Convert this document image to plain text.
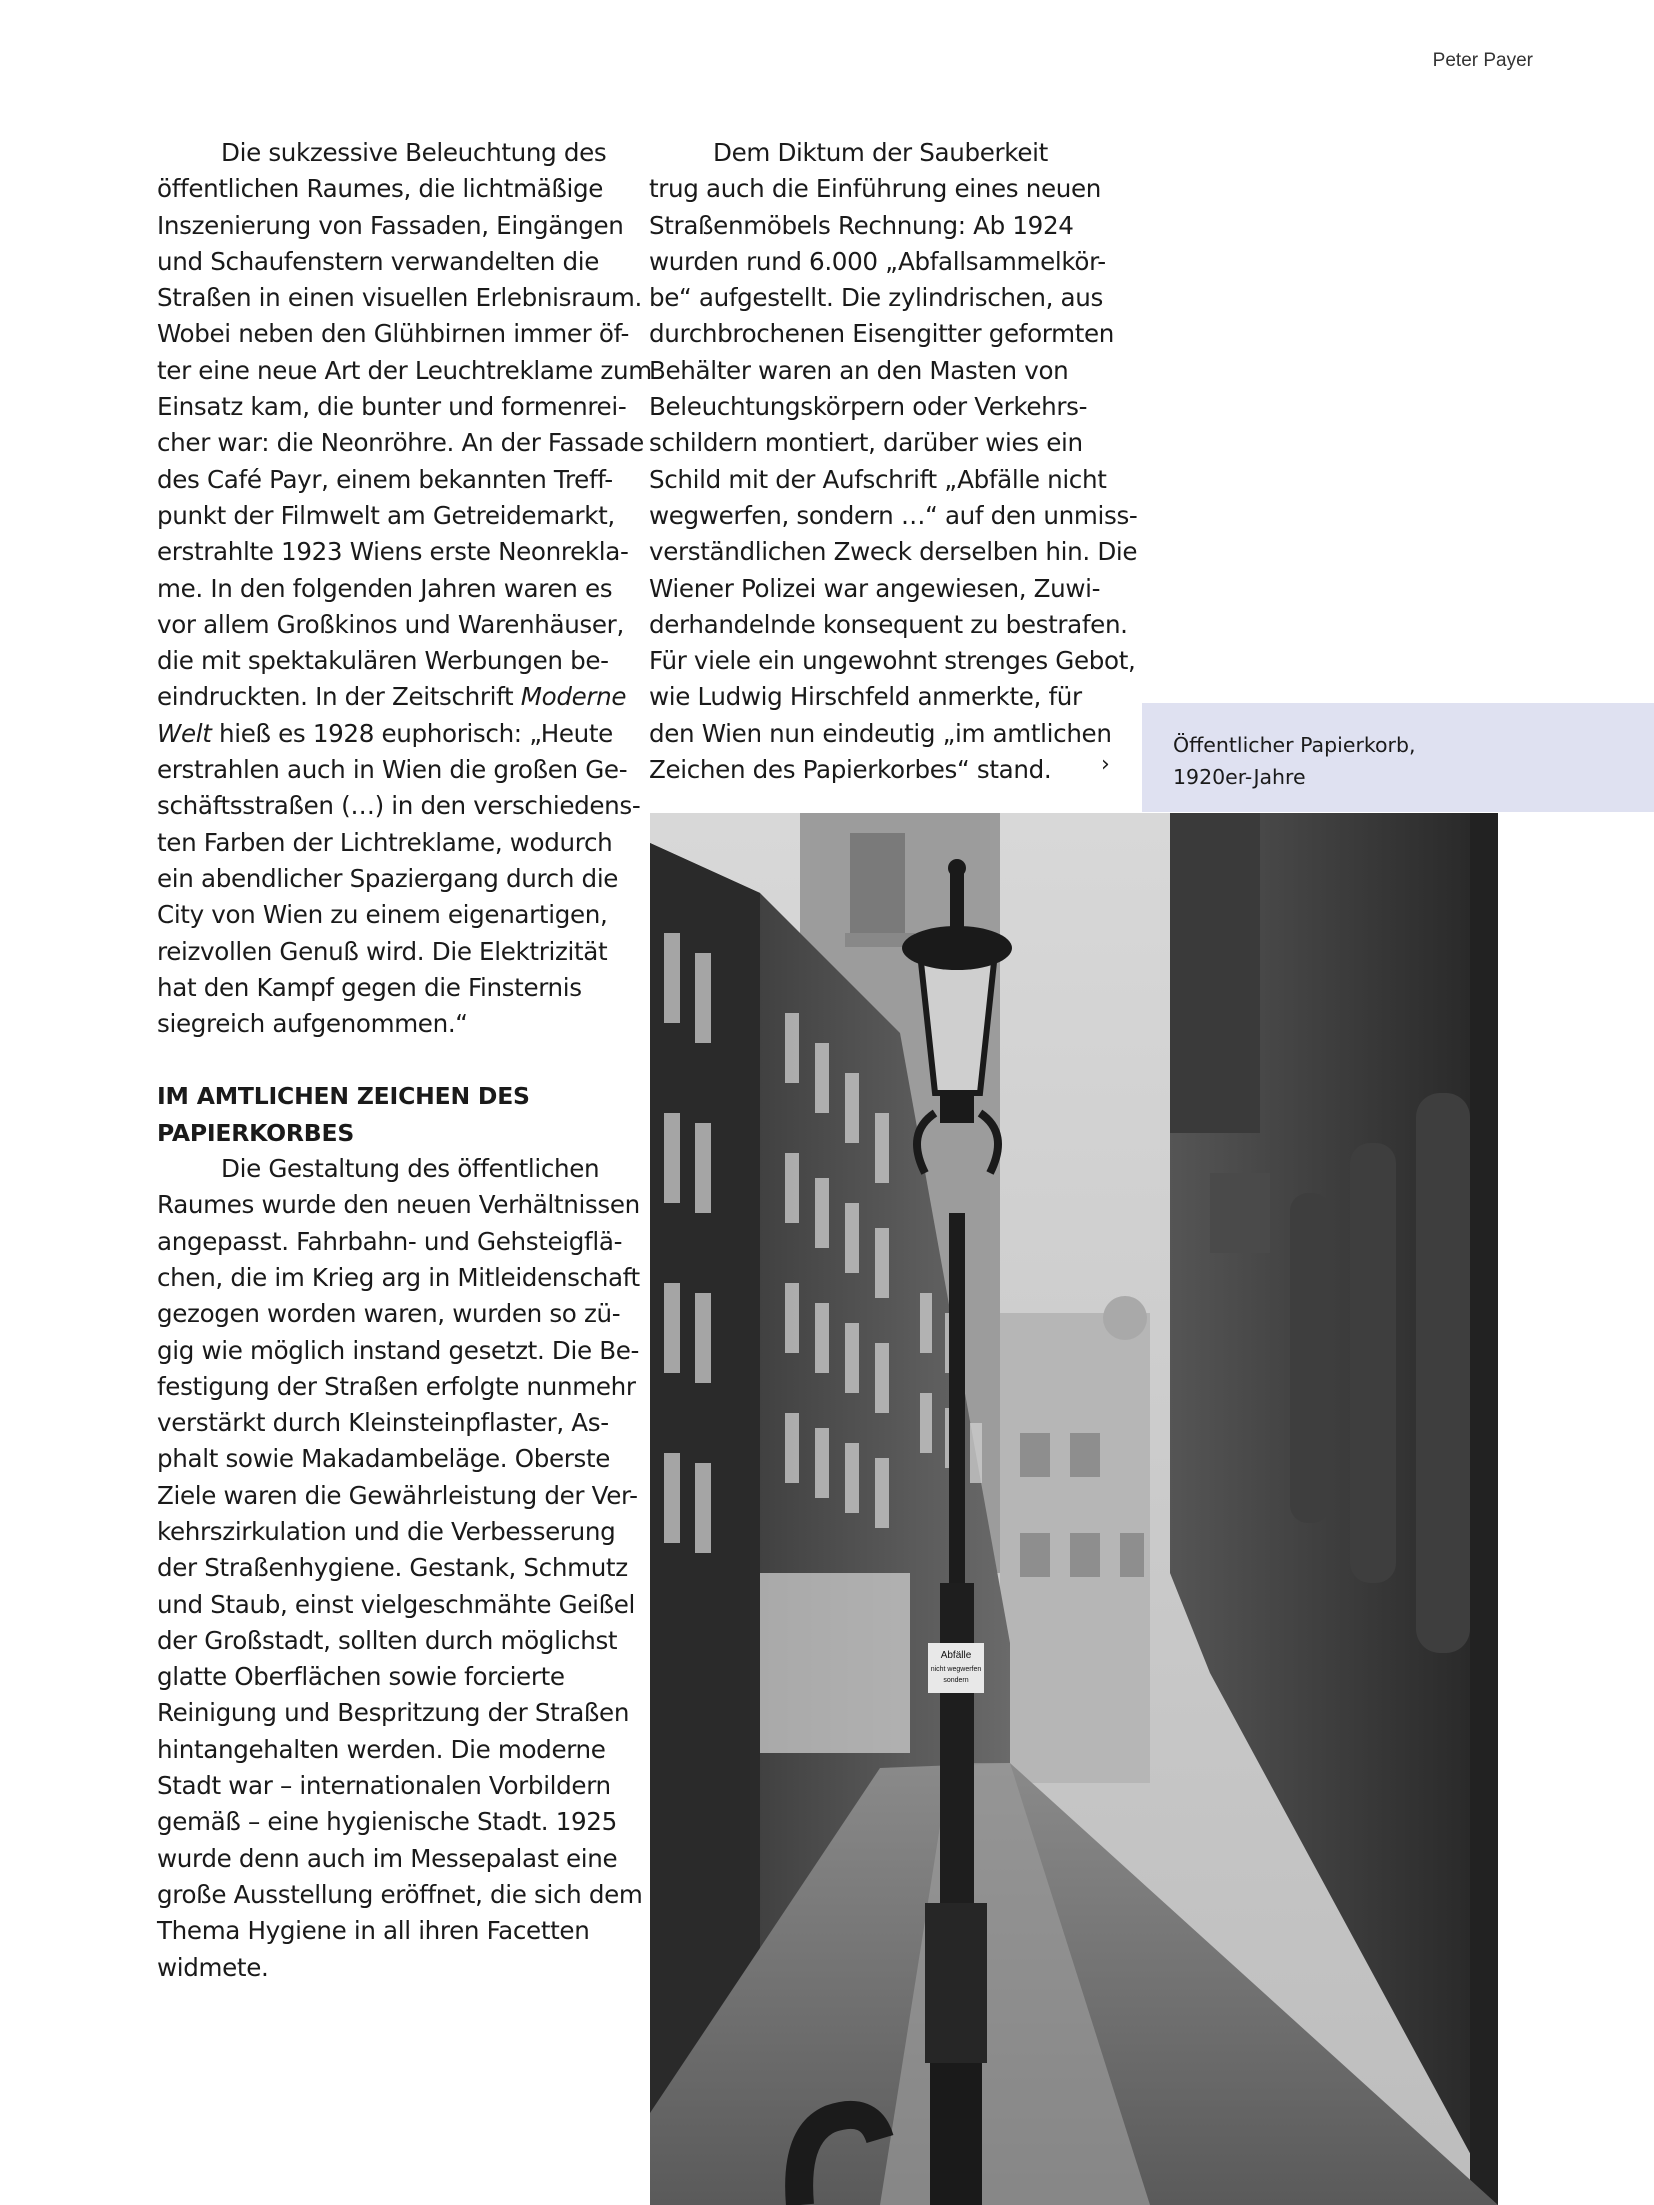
Peter Payer
Die sukzessive Beleuchtung des
öffentlichen Raumes, die lichtmäßige
Inszenierung von Fassaden, Eingängen
und Schaufenstern verwandelten die
Straßen in einen visuellen Erlebnisraum.
Wobei neben den Glühbirnen immer öf-
ter eine neue Art der Leuchtreklame zum
Einsatz kam, die bunter und formenrei-
cher war: die Neonröhre. An der Fassade
des Café Payr, einem bekannten Treff-
punkt der Filmwelt am Getreidemarkt,
erstrahlte 1923 Wiens erste Neonrekla-
me. In den folgenden Jahren waren es
vor allem Großkinos und Warenhäuser,
die mit spektakulären Werbungen be-
eindruckten. In der Zeitschrift Moderne
Welt hieß es 1928 euphorisch: „Heute
erstrahlen auch in Wien die großen Ge-
schäftsstraßen (…) in den verschiedens-
ten Farben der Lichtreklame, wodurch
ein abendlicher Spaziergang durch die
City von Wien zu einem eigenartigen,
reizvollen Genuß wird. Die Elektrizität
hat den Kampf gegen die Finsternis
siegreich aufgenommen.“
IM AMTLICHEN ZEICHEN DES
PAPIERKORBES
Die Gestaltung des öffentlichen
Raumes wurde den neuen Verhältnissen
angepasst. Fahrbahn- und Gehsteigflä-
chen, die im Krieg arg in Mitleidenschaft
gezogen worden waren, wurden so zü-
gig wie möglich instand gesetzt. Die Be-
festigung der Straßen erfolgte nunmehr
verstärkt durch Kleinsteinpflaster, As-
phalt sowie Makadambeläge. Oberste
Ziele waren die Gewährleistung der Ver-
kehrszirkulation und die Verbesserung
der Straßenhygiene. Gestank, Schmutz
und Staub, einst vielgeschmähte Geißel
der Großstadt, sollten durch möglichst
glatte Oberflächen sowie forcierte
Reinigung und Bespritzung der Straßen
hintangehalten werden. Die moderne
Stadt war – internationalen Vorbildern
gemäß – eine hygienische Stadt. 1925
wurde denn auch im Messepalast eine
große Ausstellung eröffnet, die sich dem
Thema Hygiene in all ihren Facetten
widmete.
Dem Diktum der Sauberkeit
trug auch die Einführung eines neuen
Straßenmöbels Rechnung: Ab 1924
wurden rund 6.000 „Abfallsammelkör-
be“ aufgestellt. Die zylindrischen, aus
durchbrochenen Eisengitter geformten
Behälter waren an den Masten von
Beleuchtungskörpern oder Verkehrs-
schildern montiert, darüber wies ein
Schild mit der Aufschrift „Abfälle nicht
wegwerfen, sondern …“ auf den unmiss-
verständlichen Zweck derselben hin. Die
Wiener Polizei war angewiesen, Zuwi-
derhandelnde konsequent zu bestrafen.
Für viele ein ungewohnt strenges Gebot,
wie Ludwig Hirschfeld anmerkte, für
den Wien nun eindeutig „im amtlichen
Zeichen des Papierkorbes“ stand.	›
Öffentlicher Papierkorb,
1920er-Jahre
Abfälle
nicht wegwerfen
sondern
